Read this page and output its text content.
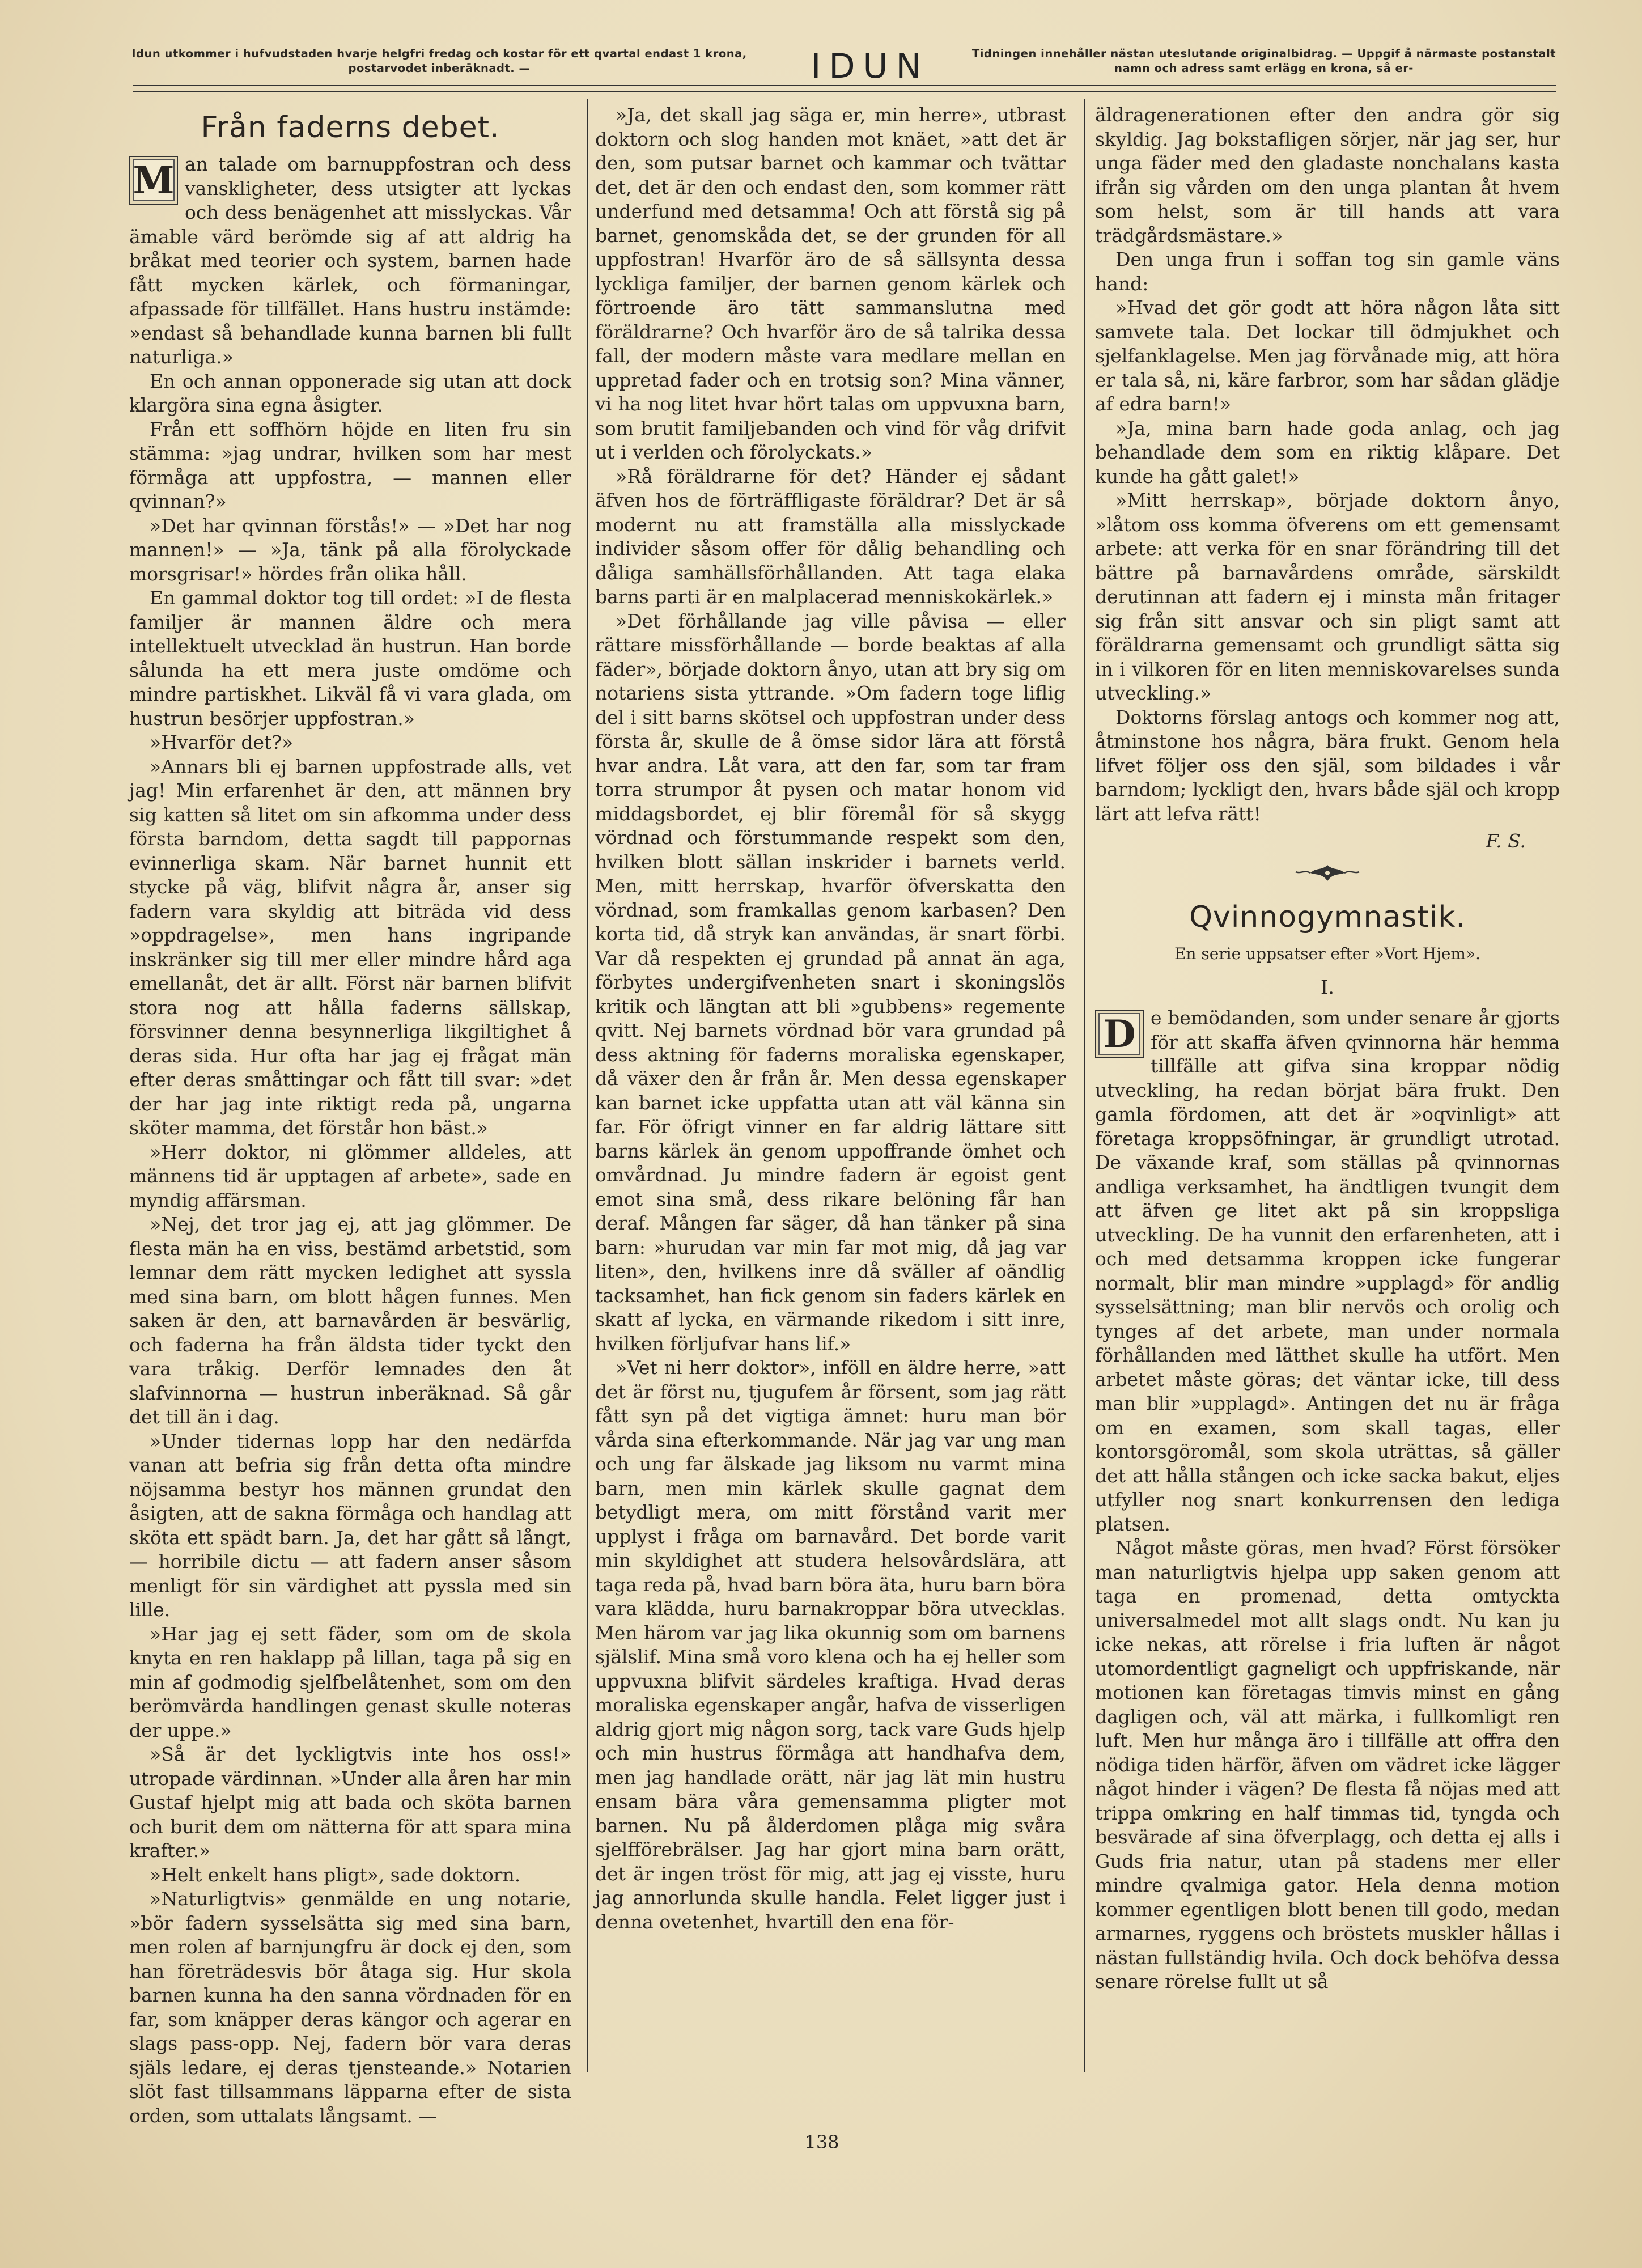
Idun utkommer i hufvudstaden hvarje helgfri fredag och kostar för ett qvartal endast 1 krona, postarvodet inberäknadt. —	IDUN	Tidningen innehåller nästan uteslutande originalbidrag. — Uppgif å närmaste postanstalt namn och adress samt erlägg en krona, så er-
Från faderns debet.

M an talade om barnuppfostran och dess vanskligheter, dess utsigter att lyckas och dess benägenhet att misslyckas. Vår ämable värd berömde sig af att aldrig ha bråkat med teorier och system, barnen hade fått mycken kärlek, och förmaningar, afpassade för tillfället. Hans hustru instämde: »endast så behandlade kunna barnen bli fullt naturliga.»

En och annan opponerade sig utan att dock klargöra sina egna åsigter.

Från ett soffhörn höjde en liten fru sin stämma: »jag undrar, hvilken som har mest förmåga att uppfostra, — mannen eller qvinnan?»

»Det har qvinnan förstås!» — »Det har nog mannen!» — »Ja, tänk på alla förolyckade morsgrisar!» hördes från olika håll.

En gammal doktor tog till ordet: »I de flesta familjer är mannen äldre och mera intellektuelt utvecklad än hustrun. Han borde sålunda ha ett mera juste omdöme och mindre partiskhet. Likväl få vi vara glada, om hustrun besörjer uppfostran.»

»Hvarför det?»

»Annars bli ej barnen uppfostrade alls, vet jag! Min erfarenhet är den, att männen bry sig katten så litet om sin afkomma under dess första barndom, detta sagdt till pappornas evinnerliga skam. När barnet hunnit ett stycke på väg, blifvit några år, anser sig fadern vara skyldig att biträda vid dess »oppdragelse», men hans ingripande inskränker sig till mer eller mindre hård aga emellanåt, det är allt. Först när barnen blifvit stora nog att hålla faderns sällskap, försvinner denna besynnerliga likgiltighet å deras sida. Hur ofta har jag ej frågat män efter deras småttingar och fått till svar: »det der har jag inte riktigt reda på, ungarna sköter mamma, det förstår hon bäst.»

»Herr doktor, ni glömmer alldeles, att männens tid är upptagen af arbete», sade en myndig affärsman.

»Nej, det tror jag ej, att jag glömmer. De flesta män ha en viss, bestämd arbetstid, som lemnar dem rätt mycken ledighet att syssla med sina barn, om blott hågen funnes. Men saken är den, att barnavården är besvärlig, och faderna ha från äldsta tider tyckt den vara tråkig. Derför lemnades den åt slafvinnorna — hustrun inberäknad. Så går det till än i dag.

»Under tidernas lopp har den nedärfda vanan att befria sig från detta ofta mindre nöjsamma bestyr hos männen grundat den åsigten, att de sakna förmåga och handlag att sköta ett spädt barn. Ja, det har gått så långt, — horribile dictu — att fadern anser såsom menligt för sin värdighet att pyssla med sin lille.

»Har jag ej sett fäder, som om de skola knyta en ren haklapp på lillan, taga på sig en min af godmodig sjelfbelåtenhet, som om den berömvärda handlingen genast skulle noteras der uppe.»

»Så är det lyckligtvis inte hos oss!» utropade värdinnan. »Under alla åren har min Gustaf hjelpt mig att bada och sköta barnen och burit dem om nätterna för att spara mina krafter.»

»Helt enkelt hans pligt», sade doktorn.

»Naturligtvis» genmälde en ung notarie, »bör fadern sysselsätta sig med sina barn, men rolen af barnjungfru är dock ej den, som han företrädesvis bör åtaga sig. Hur skola barnen kunna ha den sanna vördnaden för en far, som knäpper deras kängor och agerar en slags pass-opp. Nej, fadern bör vara deras själs ledare, ej deras tjensteande.» Notarien slöt fast tillsammans läpparna efter de sista orden, som uttalats långsamt. —

»Ja, det skall jag säga er, min herre», utbrast doktorn och slog handen mot knäet, »att det är den, som putsar barnet och kammar och tvättar det, det är den och endast den, som kommer rätt underfund med detsamma! Och att förstå sig på barnet, genomskåda det, se der grunden för all uppfostran! Hvarför äro de så sällsynta dessa lyckliga familjer, der barnen genom kärlek och förtroende äro tätt sammanslutna med föräldrarne? Och hvarför äro de så talrika dessa fall, der modern måste vara medlare mellan en uppretad fader och en trotsig son? Mina vänner, vi ha nog litet hvar hört talas om uppvuxna barn, som brutit familjebanden och vind för våg drifvit ut i verlden och förolyckats.»

»Rå föräldrarne för det? Händer ej sådant äfven hos de förträffligaste föräldrar? Det är så modernt nu att framställa alla misslyckade individer såsom offer för dålig behandling och dåliga samhällsförhållanden. Att taga elaka barns parti är en malplacerad menniskokärlek.»

»Det förhållande jag ville påvisa — eller rättare missförhållande — borde beaktas af alla fäder», började doktorn ånyo, utan att bry sig om notariens sista yttrande. »Om fadern toge liflig del i sitt barns skötsel och uppfostran under dess första år, skulle de å ömse sidor lära att förstå hvar andra. Låt vara, att den far, som tar fram torra strumpor åt pysen och matar honom vid middagsbordet, ej blir föremål för så skygg vördnad och förstummande respekt som den, hvilken blott sällan inskrider i barnets verld. Men, mitt herrskap, hvarför öfverskatta den vördnad, som framkallas genom karbasen? Den korta tid, då stryk kan användas, är snart förbi. Var då respekten ej grundad på annat än aga, förbytes undergifvenheten snart i skoningslös kritik och längtan att bli »gubbens» regemente qvitt. Nej barnets vördnad bör vara grundad på dess aktning för faderns moraliska egenskaper, då växer den år från år. Men dessa egenskaper kan barnet icke uppfatta utan att väl känna sin far. För öfrigt vinner en far aldrig lättare sitt barns kärlek än genom uppoffrande ömhet och omvårdnad. Ju mindre fadern är egoist gent emot sina små, dess rikare belöning får han deraf. Mången far säger, då han tänker på sina barn: »hurudan var min far mot mig, då jag var liten», den, hvilkens inre då sväller af oändlig tacksamhet, han fick genom sin faders kärlek en skatt af lycka, en värmande rikedom i sitt inre, hvilken förljufvar hans lif.»

»Vet ni herr doktor», inföll en äldre herre, »att det är först nu, tjugufem år försent, som jag rätt fått syn på det vigtiga ämnet: huru man bör vårda sina efterkommande. När jag var ung man och ung far älskade jag liksom nu varmt mina barn, men min kärlek skulle gagnat dem betydligt mera, om mitt förstånd varit mer upplyst i fråga om barnavård. Det borde varit min skyldighet att studera helsovårdslära, att taga reda på, hvad barn böra äta, huru barn böra vara klädda, huru barnakroppar böra utvecklas. Men härom var jag lika okunnig som om barnens själslif. Mina små voro klena och ha ej heller som uppvuxna blifvit särdeles kraftiga. Hvad deras moraliska egenskaper angår, hafva de visserligen aldrig gjort mig någon sorg, tack vare Guds hjelp och min hustrus förmåga att handhafva dem, men jag handlade orätt, när jag lät min hustru ensam bära våra gemensamma pligter mot barnen. Nu på ålderdomen plåga mig svåra sjelfförebrälser. Jag har gjort mina barn orätt, det är ingen tröst för mig, att jag ej visste, huru jag annorlunda skulle handla. Felet ligger just i denna ovetenhet, hvartill den ena för-

äldragenerationen efter den andra gör sig skyldig. Jag bokstafligen sörjer, när jag ser, hur unga fäder med den gladaste nonchalans kasta ifrån sig vården om den unga plantan åt hvem som helst, som är till hands att vara trädgårdsmästare.»

Den unga frun i soffan tog sin gamle väns hand:

»Hvad det gör godt att höra någon låta sitt samvete tala. Det lockar till ödmjukhet och sjelfanklagelse. Men jag förvånade mig, att höra er tala så, ni, käre farbror, som har sådan glädje af edra barn!»

»Ja, mina barn hade goda anlag, och jag behandlade dem som en riktig klåpare. Det kunde ha gått galet!»

»Mitt herrskap», började doktorn ånyo, »låtom oss komma öfverens om ett gemensamt arbete: att verka för en snar förändring till det bättre på barnavårdens område, särskildt derutinnan att fadern ej i minsta mån fritager sig från sitt ansvar och sin pligt samt att föräldrarna gemensamt och grundligt sätta sig in i vilkoren för en liten menniskovarelses sunda utveckling.»

Doktorns förslag antogs och kommer nog att, åtminstone hos några, bära frukt. Genom hela lifvet följer oss den själ, som bildades i vår barndom; lyckligt den, hvars både själ och kropp lärt att lefva rätt!

F. S.
Qvinnogymnastik.
En serie uppsatser efter »Vort Hjem».
I.

D e bemödanden, som under senare år gjorts för att skaffa äfven qvinnorna här hemma tillfälle att gifva sina kroppar nödig utveckling, ha redan börjat bära frukt. Den gamla fördomen, att det är »oqvinligt» att företaga kroppsöfningar, är grundligt utrotad. De växande kraf, som ställas på qvinnornas andliga verksamhet, ha ändtligen tvungit dem att äfven ge litet akt på sin kroppsliga utveckling. De ha vunnit den erfarenheten, att i och med detsamma kroppen icke fungerar normalt, blir man mindre »upplagd» för andlig sysselsättning; man blir nervös och orolig och tynges af det arbete, man under normala förhållanden med lätthet skulle ha utfört. Men arbetet måste göras; det väntar icke, till dess man blir »upplagd». Antingen det nu är fråga om en examen, som skall tagas, eller kontorsgöromål, som skola uträttas, så gäller det att hålla stången och icke sacka bakut, eljes utfyller nog snart konkurrensen den lediga platsen.

Något måste göras, men hvad? Först försöker man naturligtvis hjelpa upp saken genom att taga en promenad, detta omtyckta universalmedel mot allt slags ondt. Nu kan ju icke nekas, att rörelse i fria luften är något utomordentligt gagneligt och uppfriskande, när motionen kan företagas timvis minst en gång dagligen och, väl att märka, i fullkomligt ren luft. Men hur många äro i tillfälle att offra den nödiga tiden härför, äfven om vädret icke lägger något hinder i vägen? De flesta få nöjas med att trippa omkring en half timmas tid, tyngda och besvärade af sina öfverplagg, och detta ej alls i Guds fria natur, utan på stadens mer eller mindre qvalmiga gator. Hela denna motion kommer egentligen blott benen till godo, medan armarnes, ryggens och bröstets muskler hållas i nästan fullständig hvila. Och dock behöfva dessa senare rörelse fullt ut så

138
